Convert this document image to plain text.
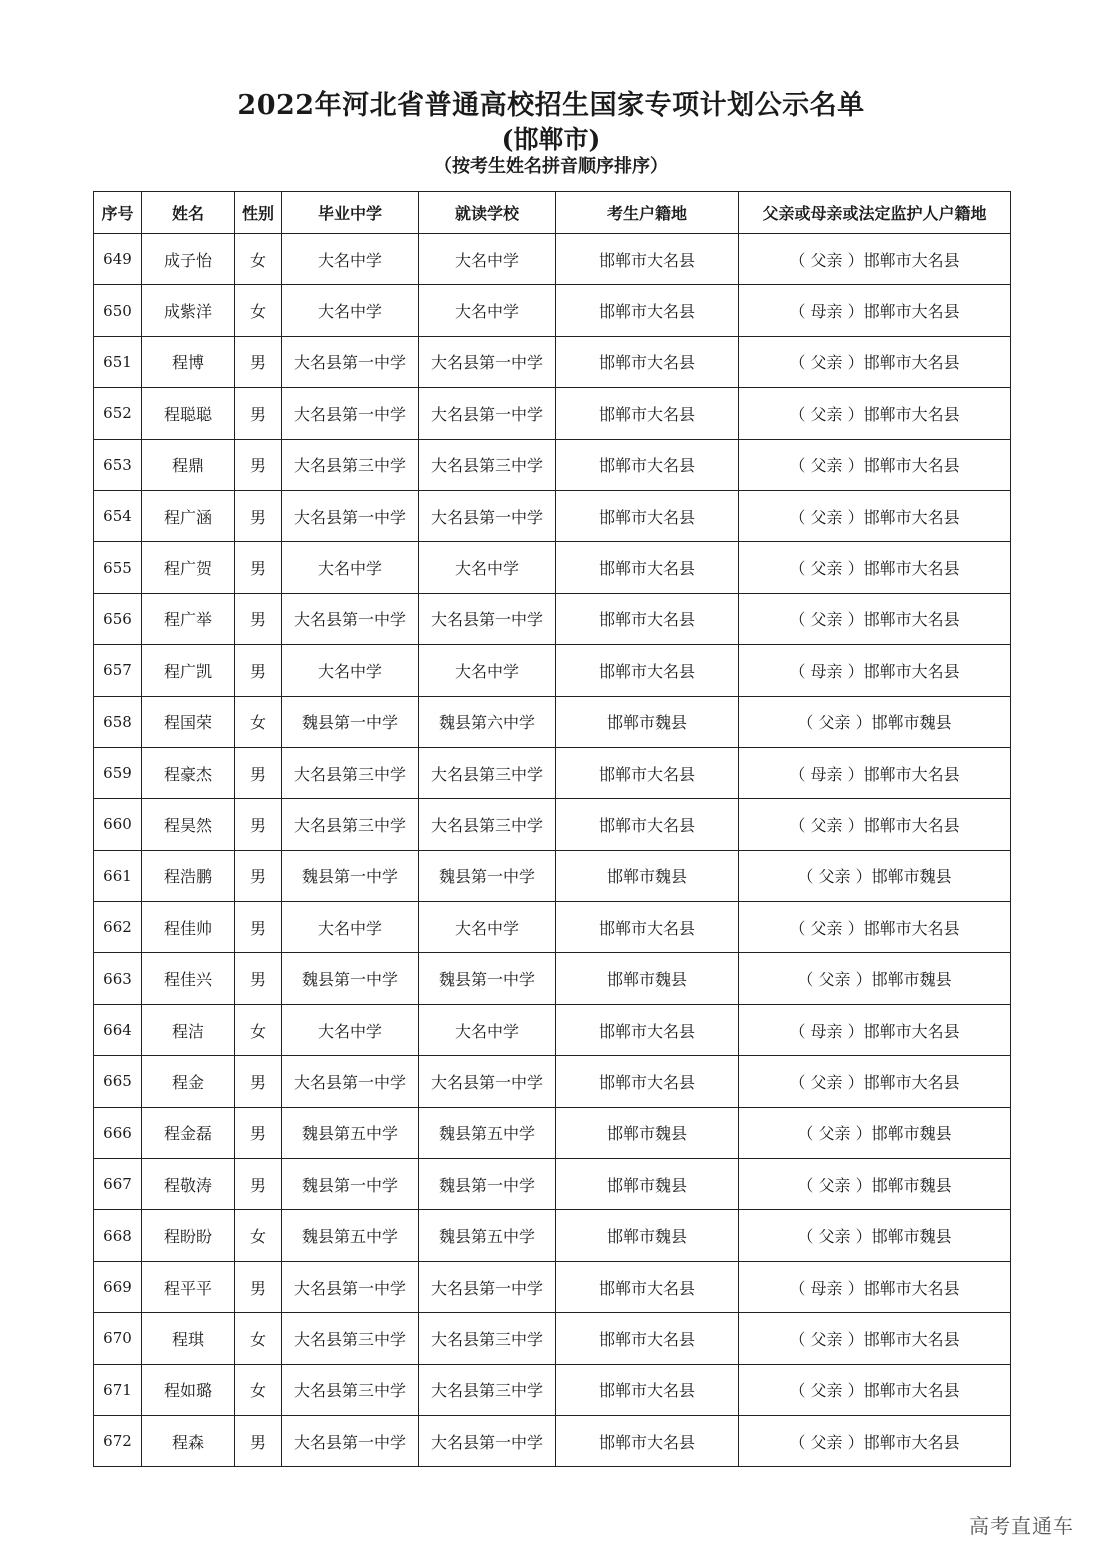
2022年河北省普通高校招生国家专项计划公示名单
(邯郸市)
（按考生姓名拼音顺序排序）
序号	姓名	性别	毕业中学	就读学校	考生户籍地	父亲或母亲或法定监护人户籍地
649	成子怡	女	大名中学	大名中学	邯郸市大名县	（ 父亲 ）邯郸市大名县
650	成紫洋	女	大名中学	大名中学	邯郸市大名县	（ 母亲 ）邯郸市大名县
651	程博	男	大名县第一中学	大名县第一中学	邯郸市大名县	（ 父亲 ）邯郸市大名县
652	程聪聪	男	大名县第一中学	大名县第一中学	邯郸市大名县	（ 父亲 ）邯郸市大名县
653	程鼎	男	大名县第三中学	大名县第三中学	邯郸市大名县	（ 父亲 ）邯郸市大名县
654	程广涵	男	大名县第一中学	大名县第一中学	邯郸市大名县	（ 父亲 ）邯郸市大名县
655	程广贺	男	大名中学	大名中学	邯郸市大名县	（ 父亲 ）邯郸市大名县
656	程广举	男	大名县第一中学	大名县第一中学	邯郸市大名县	（ 父亲 ）邯郸市大名县
657	程广凯	男	大名中学	大名中学	邯郸市大名县	（ 母亲 ）邯郸市大名县
658	程国荣	女	魏县第一中学	魏县第六中学	邯郸市魏县	（ 父亲 ）邯郸市魏县
659	程豪杰	男	大名县第三中学	大名县第三中学	邯郸市大名县	（ 母亲 ）邯郸市大名县
660	程昊然	男	大名县第三中学	大名县第三中学	邯郸市大名县	（ 父亲 ）邯郸市大名县
661	程浩鹏	男	魏县第一中学	魏县第一中学	邯郸市魏县	（ 父亲 ）邯郸市魏县
662	程佳帅	男	大名中学	大名中学	邯郸市大名县	（ 父亲 ）邯郸市大名县
663	程佳兴	男	魏县第一中学	魏县第一中学	邯郸市魏县	（ 父亲 ）邯郸市魏县
664	程洁	女	大名中学	大名中学	邯郸市大名县	（ 母亲 ）邯郸市大名县
665	程金	男	大名县第一中学	大名县第一中学	邯郸市大名县	（ 父亲 ）邯郸市大名县
666	程金磊	男	魏县第五中学	魏县第五中学	邯郸市魏县	（ 父亲 ）邯郸市魏县
667	程敬涛	男	魏县第一中学	魏县第一中学	邯郸市魏县	（ 父亲 ）邯郸市魏县
668	程盼盼	女	魏县第五中学	魏县第五中学	邯郸市魏县	（ 父亲 ）邯郸市魏县
669	程平平	男	大名县第一中学	大名县第一中学	邯郸市大名县	（ 母亲 ）邯郸市大名县
670	程琪	女	大名县第三中学	大名县第三中学	邯郸市大名县	（ 父亲 ）邯郸市大名县
671	程如璐	女	大名县第三中学	大名县第三中学	邯郸市大名县	（ 父亲 ）邯郸市大名县
672	程森	男	大名县第一中学	大名县第一中学	邯郸市大名县	（ 父亲 ）邯郸市大名县
高考直通车
